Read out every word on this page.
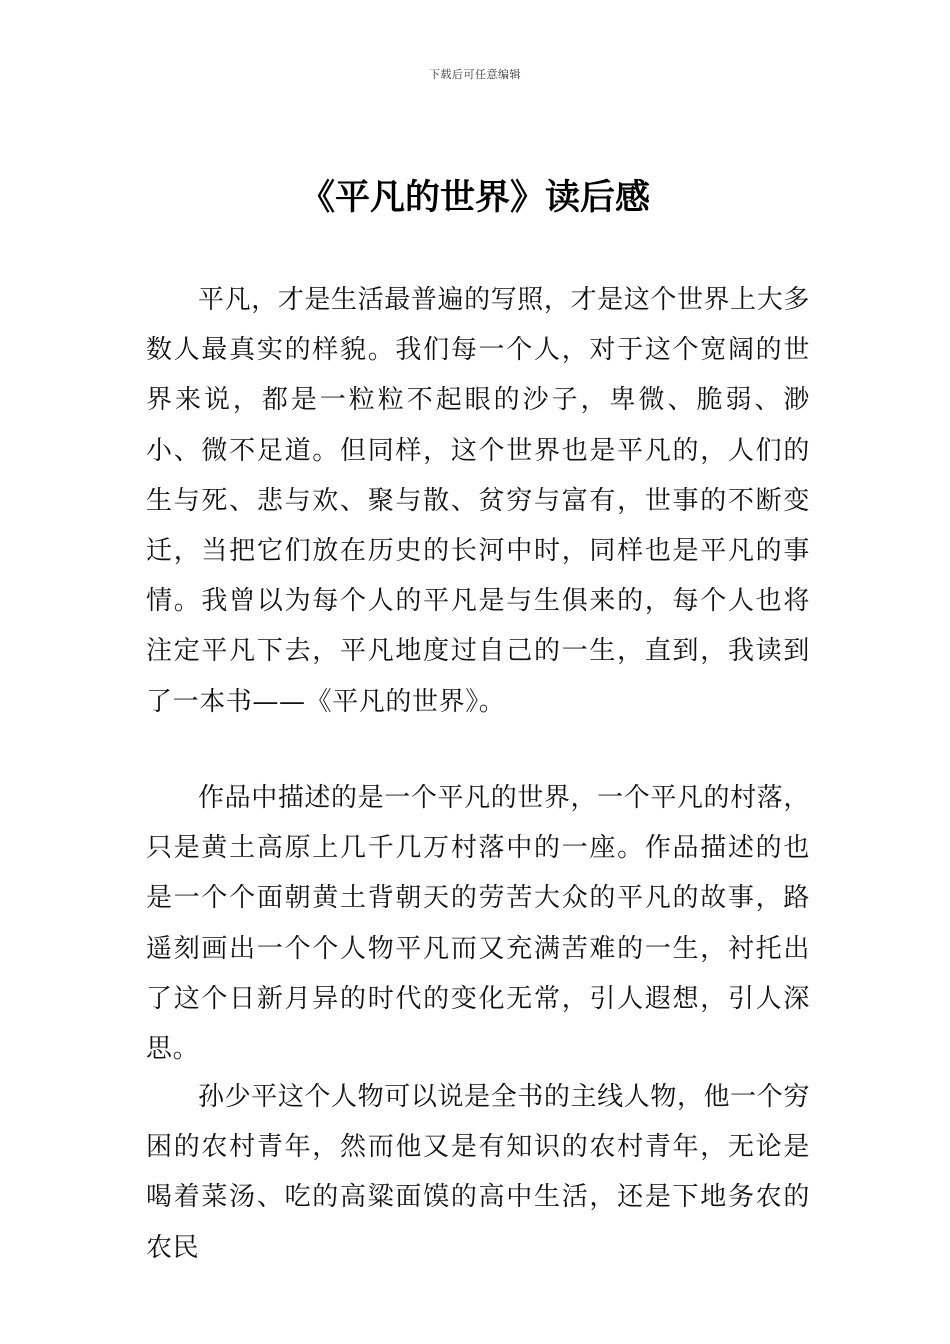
下载后可任意编辑
《平凡的世界》读后感

平凡，才是生活最普遍的写照，才是这个世界上大多数人最真实的样貌。我们每一个人，对于这个宽阔的世界来说，都是一粒粒不起眼的沙子，卑微、脆弱、渺小、微不足道。但同样，这个世界也是平凡的，人们的生与死、悲与欢、聚与散、贫穷与富有，世事的不断变迁，当把它们放在历史的长河中时，同样也是平凡的事情。我曾以为每个人的平凡是与生俱来的，每个人也将注定平凡下去，平凡地度过自己的一生，直到，我读到了一本书——《平凡的世界》。

作品中描述的是一个平凡的世界，一个平凡的村落，只是黄土高原上几千几万村落中的一座。作品描述的也是一个个面朝黄土背朝天的劳苦大众的平凡的故事，路遥刻画出一个个人物平凡而又充满苦难的一生，衬托出了这个日新月异的时代的变化无常，引人遐想，引人深思。

孙少平这个人物可以说是全书的主线人物，他一个穷困的农村青年，然而他又是有知识的农村青年，无论是喝着菜汤、吃的高粱面馍的高中生活，还是下地务农的农民
